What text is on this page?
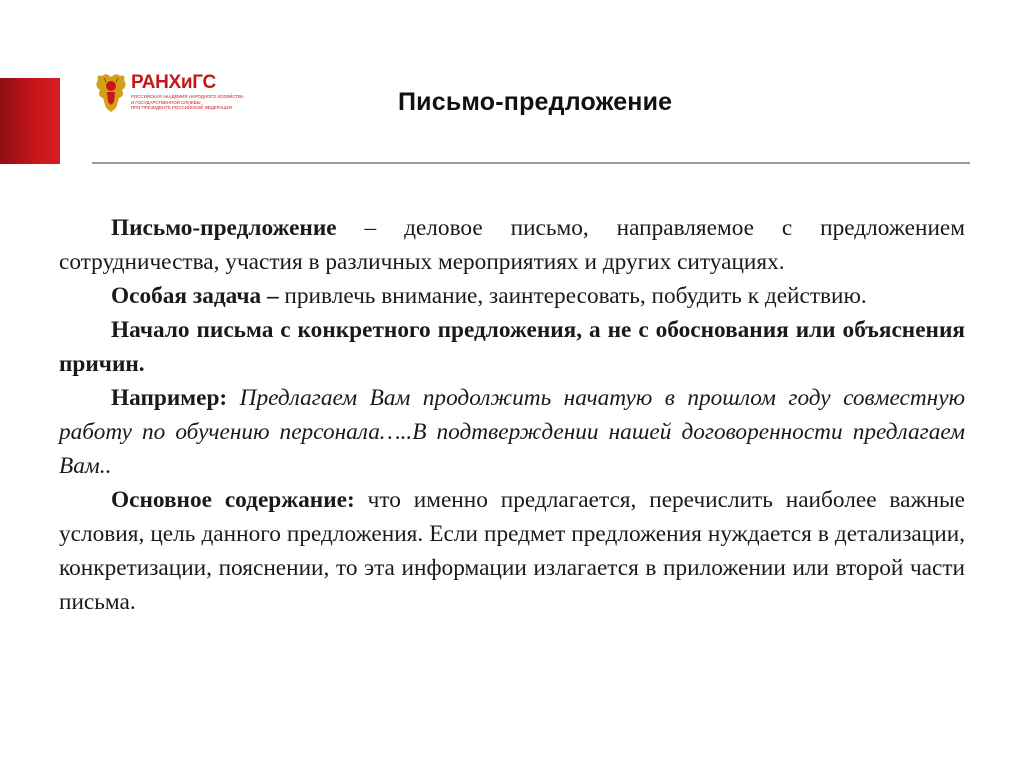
РАНХиГС
РОССИЙСКАЯ АКАДЕМИЯ НАРОДНОГО ХОЗЯЙСТВА
И ГОСУДАРСТВЕННОЙ СЛУЖБЫ
ПРИ ПРЕЗИДЕНТЕ РОССИЙСКОЙ ФЕДЕРАЦИИ	Письмо-предложение

Письмо-предложение – деловое письмо, направляемое с предложением сотрудничества, участия в различных мероприятиях и других ситуациях.

Особая задача – привлечь внимание, заинтересовать, побудить к действию.

Начало письма с конкретного предложения, а не с обоснования или объяснения причин.

Например: Предлагаем Вам продолжить начатую в прошлом году совместную работу по обучению персонала…..В подтверждении нашей договоренности предлагаем Вам..

Основное содержание: что именно предлагается, перечислить наиболее важные условия, цель данного предложения. Если предмет предложения нуждается в детализации, конкретизации, пояснении, то эта информации излагается в приложении или второй части письма.
